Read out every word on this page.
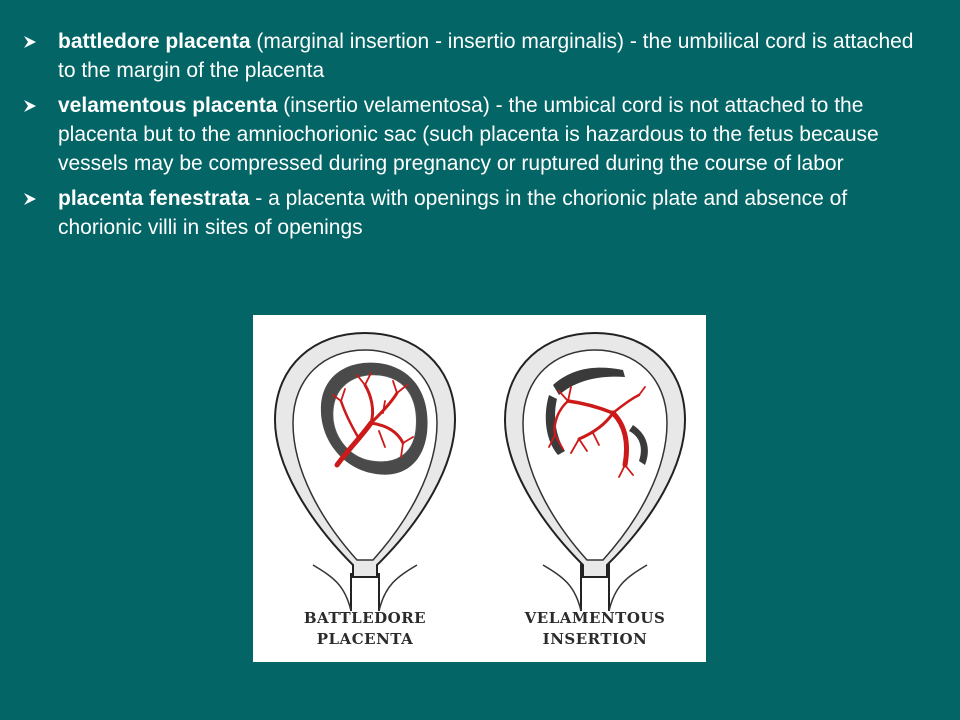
battledore placenta (marginal insertion - insertio marginalis) - the umbilical cord is attached to the margin of the placenta
velamentous placenta (insertio velamentosa) - the umbical cord is not attached to the placenta but to the amniochorionic sac (such placenta is hazardous to the fetus because vessels may be compressed during pregnancy or ruptured during the course of labor
placenta fenestrata - a placenta with openings in the chorionic plate and absence of chorionic villi in sites of openings
BATTLEDORE
PLACENTA
VELAMENTOUS
INSERTION
